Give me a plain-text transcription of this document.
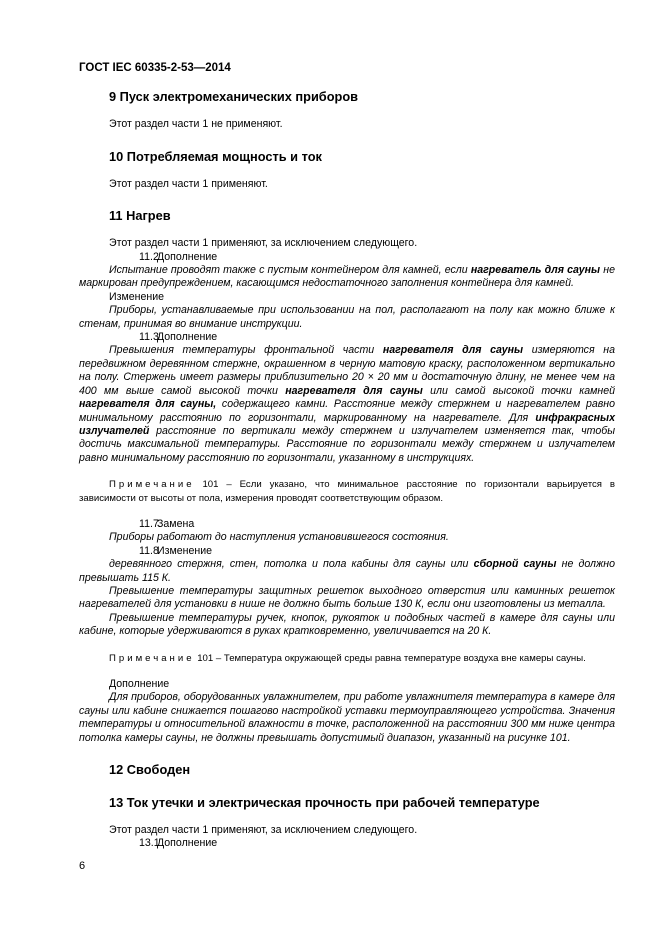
ГОСТ IEC 60335-2-53—2014
9 Пуск электромеханических приборов

Этот раздел части 1 не применяют.

10 Потребляемая мощность и ток

Этот раздел части 1 применяют.

11 Нагрев

Этот раздел части 1 применяют, за исключением следующего.

11.2Дополнение

Испытание проводят также с пустым контейнером для камней, если нагреватель для сауны не маркирован предупреждением, касающимся недостаточного заполнения контейнера для камней.

Изменение

Приборы, устанавливаемые при использовании на пол, располагают на полу как можно ближе к стенам, принимая во внимание инструкции.

11.3Дополнение

Превышения температуры фронтальной части нагревателя для сауны измеряются на передвижном деревянном стержне, окрашенном в черную матовую краску, расположенном вертикально на полу. Стержень имеет размеры приблизительно 20 × 20 мм и достаточную длину, не менее чем на 400 мм выше самой высокой точки нагревателя для сауны или самой высокой точки камней нагревателя для сауны, содержащего камни. Расстояние между стержнем и нагревателем равно минимальному расстоянию по горизонтали, маркированному на нагревателе. Для инфракрасных излучателей расстояние по вертикали между стержнем и излучателем изменяется так, чтобы достичь максимальной температуры. Расстояние по горизонтали между стержнем и излучателем равно минимальному расстоянию по горизонтали, указанному в инструкциях.

Примечание 101 – Если указано, что минимальное расстояние по горизонтали варьируется в зависимости от высоты от пола, измерения проводят соответствующим образом.

11.7Замена

Приборы работают до наступления установившегося состояния.

11.8Изменение

деревянного стержня, стен, потолка и пола кабины для сауны или сборной сауны не должно превышать 115 К.

Превышение температуры защитных решеток выходного отверстия или каминных решеток нагревателей для установки в нише не должно быть больше 130 К, если они изготовлены из металла.

Превышение температуры ручек, кнопок, рукояток и подобных частей в камере для сауны или кабине, которые удерживаются в руках кратковременно, увеличивается на 20 К.

Примечание 101 – Температура окружающей среды равна температуре воздуха вне камеры сауны.

Дополнение

Для приборов, оборудованных увлажнителем, при работе увлажнителя температура в камере для сауны или кабине снижается пошагово настройкой уставки термоуправляющего устройства. Значения температуры и относительной влажности в точке, расположенной на расстоянии 300 мм ниже центра потолка камеры сауны, не должны превышать допустимый диапазон, указанный на рисунке 101.

12 Свободен
13 Ток утечки и электрическая прочность при рабочей температуре

Этот раздел части 1 применяют, за исключением следующего.

13.1Дополнение

6
